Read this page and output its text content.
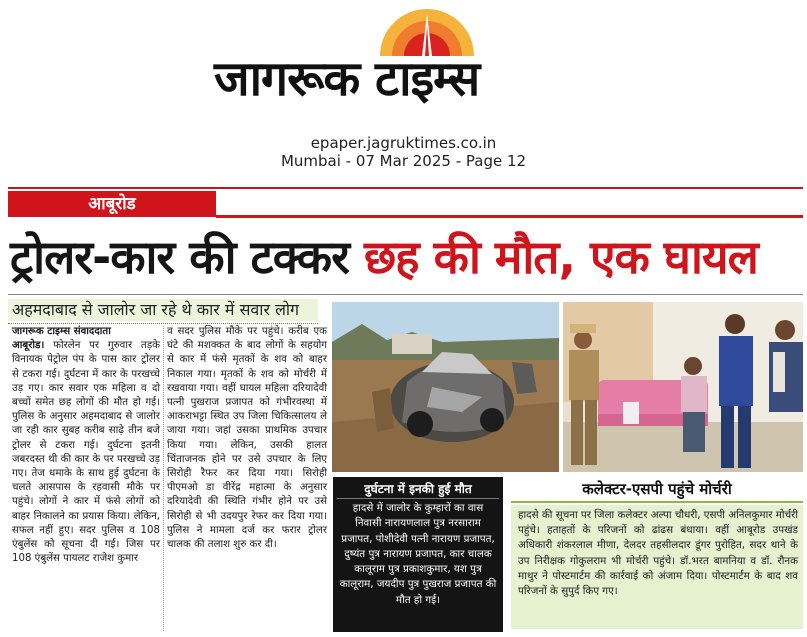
जागरूक टाइम्स
epaper.jagruktimes.co.in
Mumbai - 07 Mar 2025 - Page 12
आबूरोड
ट्रोलर-कार की टक्कर छह की मौत, एक घायल
अहमदाबाद से जालोर जा रहे थे कार में सवार लोग

जागरूक टाइम्स संवाददाता
आबूरोड। फोरलेन पर गुरुवार तड़के विनायक पेट्रोल पंप के पास कार ट्रोलर से टकरा गई। दुर्घटना में कार के परखच्चे उड़ गए। कार सवार एक महिला व दो बच्चों समेत छह लोगों की मौत हो गई। पुलिस के अनुसार अहमदाबाद से जालोर जा रही कार सुबह करीब साढ़े तीन बजे ट्रोलर से टकरा गई। दुर्घटना इतनी जबरदस्त थी की कार के पर परखच्चे उड़ गए। तेज धमाके के साथ हुई दुर्घटना के चलते आसपास के रहवासी मौके पर पहुंचे। लोगों ने कार में फंसे लोगों को बाहर निकालने का प्रयास किया। लेकिन, सफल नहीं हुए। सदर पुलिस व 108 एंबुलेंस को सूचना दी गई। जिस पर 108 एंबुलेंस पायलट राजेश कुमार

व सदर पुलिस मौके पर पहुंचे। करीब एक घंटे की मशक्कत के बाद लोगों के सहयोग से कार में फंसे मृतकों के शव को बाहर निकाल गया। मृतकों के शव को मोर्चरी में रखवाया गया। वहीं घायल महिला दरियादेवी पत्नी पुखराज प्रजापत को गंभीरवस्था में आकराभट्टा स्थित उप जिला चिकित्सालय ले जाया गया। जहां उसका प्राथमिक उपचार किया गया। लेकिन, उसकी हालत चिंताजनक होने पर उसे उपचार के लिए सिरोही रैफर कर दिया गया। सिरोही पीएमओ डा वीरेंद्र महात्मा के अनुसार दरियादेवी की स्थिति गंभीर होने पर उसे सिरोही से भी उदयपुर रेफर कर दिया गया। पुलिस ने मामला दर्ज कर फरार ट्रोलर चालक की तलाश शुरु कर दी।

दुर्घटना में इनकी हुई मौत
हादसे में जालोर के कुम्हारों का वास निवासी नारायणलाल पुत्र नरसाराम प्रजापत, पोशीदेवी पत्नी नारायण प्रजापत, दुष्यंत पुत्र नारायण प्रजापत, कार चालक कालूराम पुत्र प्रकाशकुमार, यश पुत्र कालूराम, जयदीप पुत्र पुखराज प्रजापत की मौत हो गई।
कलेक्टर-एसपी पहुंचे मोर्चरी

हादसे की सूचना पर जिला कलेक्टर अल्पा चौधरी, एसपी अनिलकुमार मोर्चरी पहुंचे। हताहतों के परिजनों को ढांढस बंधाया। वहीं आबूरोड उपखंड अधिकारी शंकरलाल मीणा, देलदर तहसीलदार डूंगर पुरोहित, सदर थाने के उप निरीक्षक गोकुलराम भी मोर्चरी पहुंचे। डॉ.भरत बामनिया व डॉ. रौनक माथुर ने पोस्टमार्टम की कार्रवाई को अंजाम दिया। पोस्टमार्टम के बाद शव परिजनों के सुपुर्द किए गए।
